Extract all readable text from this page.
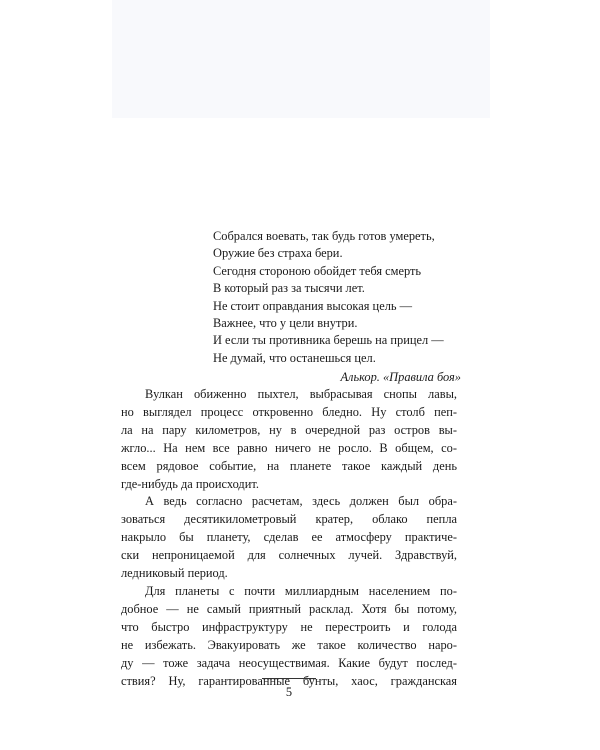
Собрался воевать, так будь готов умереть,
Оружие без страха бери.
Сегодня стороною обойдет тебя смерть
В который раз за тысячи лет.
Не стоит оправдания высокая цель —
Важнее, что у цели внутри.
И если ты противника берешь на прицел —
Не думай, что останешься цел.
Алькор. «Правила боя»
Вулкан обиженно пыхтел, выбрасывая снопы лавы,
но выглядел процесс откровенно бледно. Ну столб пеп-
ла на пару километров, ну в очередной раз остров вы-
жгло... На нем все равно ничего не росло. В общем, со-
всем рядовое событие, на планете такое каждый день
где-нибудь да происходит.
А ведь согласно расчетам, здесь должен был обра-
зоваться десятикилометровый кратер, облако пепла
накрыло бы планету, сделав ее атмосферу практиче-
ски непроницаемой для солнечных лучей. Здравствуй,
ледниковый период.
Для планеты с почти миллиардным населением по-
добное — не самый приятный расклад. Хотя бы потому,
что быстро инфраструктуру не перестроить и голода
не избежать. Эвакуировать же такое количество наро-
ду — тоже задача неосуществимая. Какие будут послед-
ствия? Ну, гарантированные бунты, хаос, гражданская
5
